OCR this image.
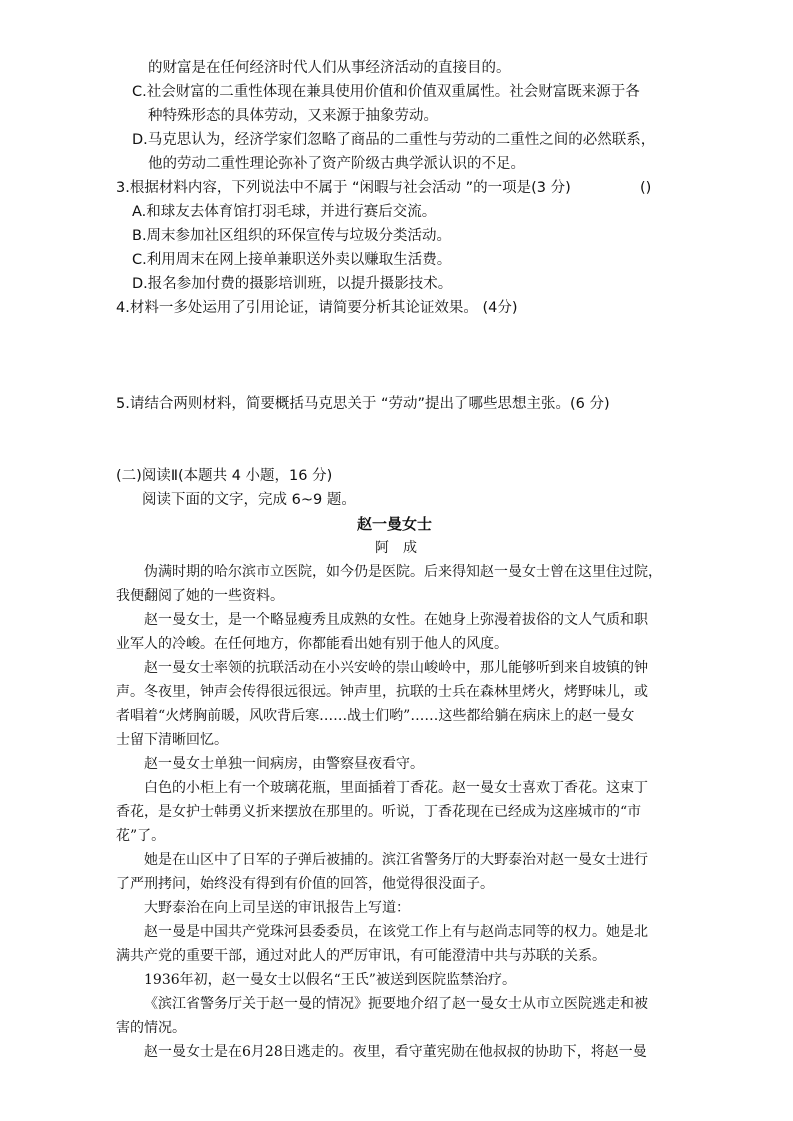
的财富是在任何经济时代人们从事经济活动的直接目的。
C.社会财富的二重性体现在兼具使用价值和价值双重属性。社会财富既来源于各
种特殊形态的具体劳动，又来源于抽象劳动。
D.马克思认为，经济学家们忽略了商品的二重性与劳动的二重性之间的必然联系，
他的劳动二重性理论弥补了资产阶级古典学派认识的不足。
3.根据材料内容，下列说法中不属于 “闲暇与社会活动 ”的一项是(3 分)	()
A.和球友去体育馆打羽毛球，并进行赛后交流。
B.周末参加社区组织的环保宣传与垃圾分类活动。
C.利用周末在网上接单兼职送外卖以赚取生活费。
D.报名参加付费的摄影培训班，以提升摄影技术。
4.材料一多处运用了引用论证，请简要分析其论证效果。 (4分)
5.请结合两则材料，简要概括马克思关于 “劳动”提出了哪些思想主张。(6 分)
(二)阅读Ⅱ(本题共 4 小题，16 分)
阅读下面的文字，完成 6~9 题。
赵一曼女士
阿成
伪满时期的哈尔滨市立医院，如今仍是医院。后来得知赵一曼女士曾在这里住过院，
我便翻阅了她的一些资料。
赵一曼女士，是一个略显瘦秀且成熟的女性。在她身上弥漫着拔俗的文人气质和职
业军人的冷峻。在任何地方，你都能看出她有别于他人的风度。
赵一曼女士率领的抗联活动在小兴安岭的崇山峻岭中，那儿能够听到来自坡镇的钟
声。冬夜里，钟声会传得很远很远。钟声里，抗联的士兵在森林里烤火，烤野味儿，或
者唱着“火烤胸前暖，风吹背后寒……战士们哟”……这些都给躺在病床上的赵一曼女
士留下清晰回忆。
赵一曼女士单独一间病房，由警察昼夜看守。
白色的小柜上有一个玻璃花瓶，里面插着丁香花。赵一曼女士喜欢丁香花。这束丁
香花，是女护士韩勇义折来摆放在那里的。听说，丁香花现在已经成为这座城市的“市
花”了。
她是在山区中了日军的子弹后被捕的。滨江省警务厅的大野泰治对赵一曼女士进行
了严刑拷问，始终没有得到有价值的回答，他觉得很没面子。
大野泰治在向上司呈送的审讯报告上写道：
赵一曼是中国共产党珠河县委委员，在该党工作上有与赵尚志同等的权力。她是北
满共产党的重要干部，通过对此人的严厉审讯，有可能澄清中共与苏联的关系。
1936年初，赵一曼女士以假名“王氏”被送到医院监禁治疗。
《滨江省警务厅关于赵一曼的情况》扼要地介绍了赵一曼女士从市立医院逃走和被
害的情况。
赵一曼女士是在6月28日逃走的。夜里，看守董宪勋在他叔叔的协助下，将赵一曼
